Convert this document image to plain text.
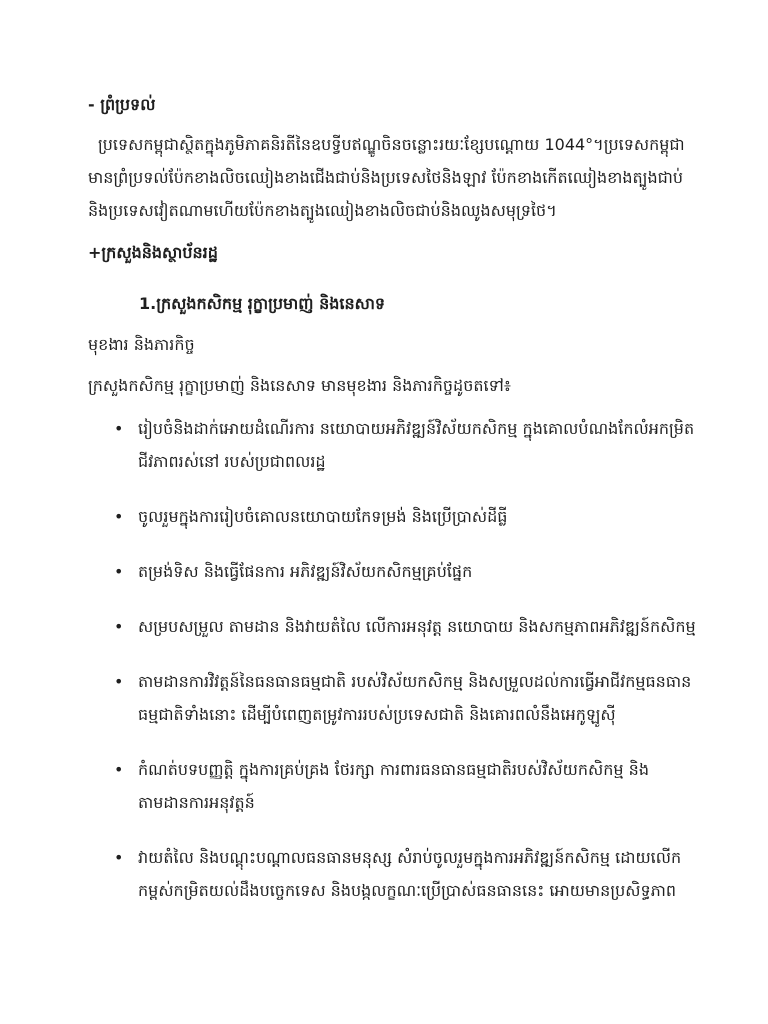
- ព្រំប្រទល់

ប្រទេសកម្ពុជាស្ថិតក្នុងភូមិភាគនិរតីនៃឧបទ្វីបឥណ្ឌូចិនចន្លោះរយៈខ្សែបណ្តោយ 1044°។ប្រទេសកម្ពុជាមានព្រំប្រទល់ប៉ែកខាងលិចឈៀងខាងជើងជាប់និងប្រទេសថៃនិងឡាវ ប៉ែកខាងកើតឈៀងខាងត្បូងជាប់និងប្រទេសវៀតណាមហើយប៉ែកខាងត្បូងឈៀងខាងលិចជាប់និងឈូងសមុទ្រថៃ។

+ក្រសួងនិងស្ថាប័នរដ្ឋ

1.ក្រសួងកសិកម្ម រុក្ខាប្រមាញ់ និងនេសាទ

មុខងារ និងភារកិច្ច

ក្រសួងកសិកម្ម រុក្ខាប្រមាញ់ និងនេសាទ មានមុខងារ និងភារកិច្ចដូចតទៅ៖

• រៀបចំនិងដាក់អោយដំណើរការ នយោបាយអភិវឌ្ឍន៍វិស័យកសិកម្ម ក្នុងគោលបំណងកែលំអកម្រិតជីវភាពរស់នៅ របស់ប្រជាពលរដ្ឋ
• ចូលរួមក្នុងការរៀបចំគោលនយោបាយកែទម្រង់ និងប្រើប្រាស់ដីធ្លី
• តម្រង់ទិស និងធ្វើផែនការ អភិវឌ្ឍន៍វិស័យកសិកម្មគ្រប់ផ្នែក
• សម្របសម្រួល តាមដាន និងវាយតំលៃ លើការអនុវត្ត នយោបាយ និងសកម្មភាពអភិវឌ្ឍន៍កសិកម្ម
• តាមដានការវិវត្តន៍នៃធនធានធម្មជាតិ របស់វិស័យកសិកម្ម និងសម្រួលដល់ការធ្វើអាជីវកម្មធនធានធម្មជាតិទាំងនោះ ដើម្បីបំពេញតម្រូវការរបស់ប្រទេសជាតិ និងគោរពលំនឹងអេកូឡូស៊ី
• កំណត់បទបញ្ញត្តិ ក្នុងការគ្រប់គ្រង ថែរក្សា ការពារធនធានធម្មជាតិរបស់វិស័យកសិកម្ម និងតាមដានការអនុវត្តន៍
• វាយតំលៃ និងបណ្តុះបណ្តាលធនធានមនុស្ស សំរាប់ចូលរួមក្នុងការអភិវឌ្ឍន៍កសិកម្ម ដោយលើកកម្ពស់កម្រិតយល់ដឹងបច្ចេកទេស និងបង្កលក្ខណៈប្រើប្រាស់ធនធាននេះ អោយមានប្រសិទ្ធភាព
